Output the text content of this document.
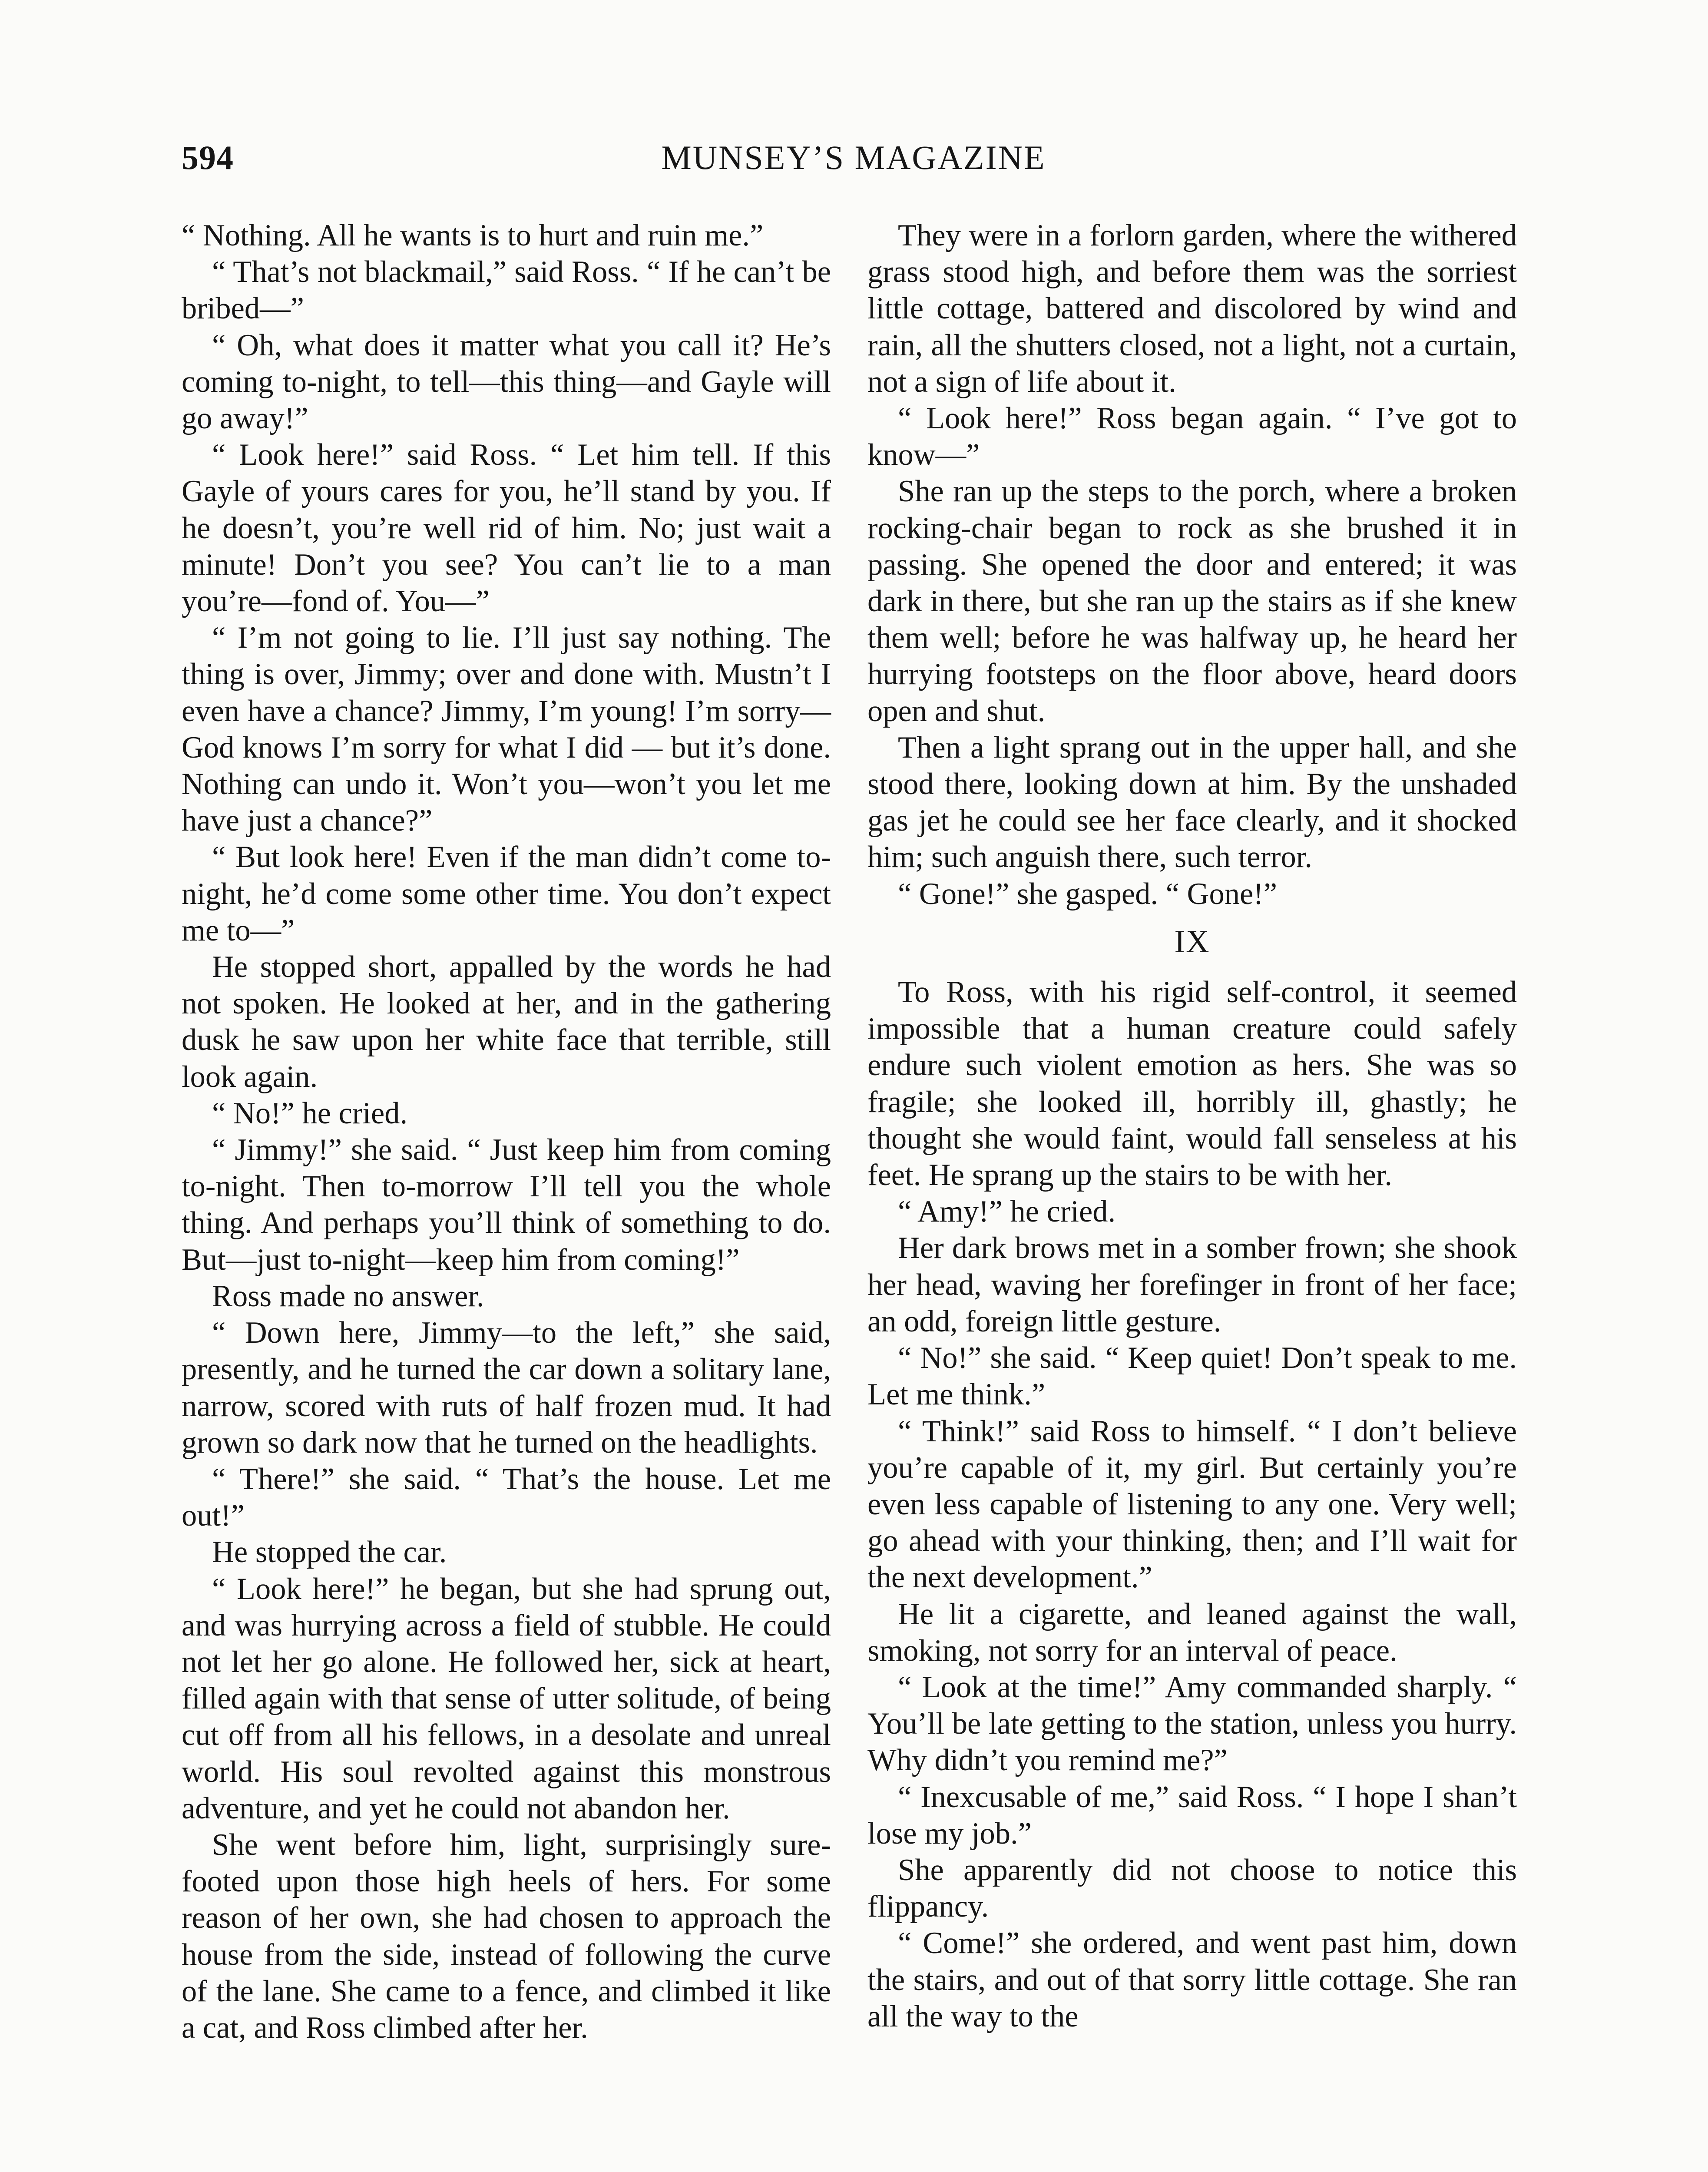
594	MUNSEY’S MAGAZINE

“ Nothing. All he wants is to hurt and ruin me.”

“ That’s not blackmail,” said Ross. “ If he can’t be bribed—”

“ Oh, what does it matter what you call it? He’s coming to-night, to tell—this thing—and Gayle will go away!”

“ Look here!” said Ross. “ Let him tell. If this Gayle of yours cares for you, he’ll stand by you. If he doesn’t, you’re well rid of him. No; just wait a minute! Don’t you see? You can’t lie to a man you’re—fond of. You—”

“ I’m not going to lie. I’ll just say nothing. The thing is over, Jimmy; over and done with. Mustn’t I even have a chance? Jimmy, I’m young! I’m sorry—God knows I’m sorry for what I did — but it’s done. Nothing can undo it. Won’t you—won’t you let me have just a chance?”

“ But look here! Even if the man didn’t come to-night, he’d come some other time. You don’t expect me to—”

He stopped short, appalled by the words he had not spoken. He looked at her, and in the gathering dusk he saw upon her white face that terrible, still look again.

“ No!” he cried.

“ Jimmy!” she said. “ Just keep him from coming to-night. Then to-morrow I’ll tell you the whole thing. And perhaps you’ll think of something to do. But—just to-night—keep him from coming!”

Ross made no answer.

“ Down here, Jimmy—to the left,” she said, presently, and he turned the car down a solitary lane, narrow, scored with ruts of half frozen mud. It had grown so dark now that he turned on the headlights.

“ There!” she said. “ That’s the house. Let me out!”

He stopped the car.

“ Look here!” he began, but she had sprung out, and was hurrying across a field of stubble. He could not let her go alone. He followed her, sick at heart, filled again with that sense of utter solitude, of being cut off from all his fellows, in a desolate and unreal world. His soul revolted against this monstrous adventure, and yet he could not abandon her.

She went before him, light, surprisingly sure-footed upon those high heels of hers. For some reason of her own, she had chosen to approach the house from the side, instead of following the curve of the lane. She came to a fence, and climbed it like a cat, and Ross climbed after her.

They were in a forlorn garden, where the withered grass stood high, and before them was the sorriest little cottage, battered and discolored by wind and rain, all the shutters closed, not a light, not a curtain, not a sign of life about it.

“ Look here!” Ross began again. “ I’ve got to know—”

She ran up the steps to the porch, where a broken rocking-chair began to rock as she brushed it in passing. She opened the door and entered; it was dark in there, but she ran up the stairs as if she knew them well; before he was halfway up, he heard her hurrying footsteps on the floor above, heard doors open and shut.

Then a light sprang out in the upper hall, and she stood there, looking down at him. By the unshaded gas jet he could see her face clearly, and it shocked him; such anguish there, such terror.

“ Gone!” she gasped. “ Gone!”

IX

To Ross, with his rigid self-control, it seemed impossible that a human creature could safely endure such violent emotion as hers. She was so fragile; she looked ill, horribly ill, ghastly; he thought she would faint, would fall senseless at his feet. He sprang up the stairs to be with her.

“ Amy!” he cried.

Her dark brows met in a somber frown; she shook her head, waving her forefinger in front of her face; an odd, foreign little gesture.

“ No!” she said. “ Keep quiet! Don’t speak to me. Let me think.”

“ Think!” said Ross to himself. “ I don’t believe you’re capable of it, my girl. But certainly you’re even less capable of listening to any one. Very well; go ahead with your thinking, then; and I’ll wait for the next development.”

He lit a cigarette, and leaned against the wall, smoking, not sorry for an interval of peace.

“ Look at the time!” Amy commanded sharply. “ You’ll be late getting to the station, unless you hurry. Why didn’t you remind me?”

“ Inexcusable of me,” said Ross. “ I hope I shan’t lose my job.”

She apparently did not choose to notice this flippancy.

“ Come!” she ordered, and went past him, down the stairs, and out of that sorry little cottage. She ran all the way to the
